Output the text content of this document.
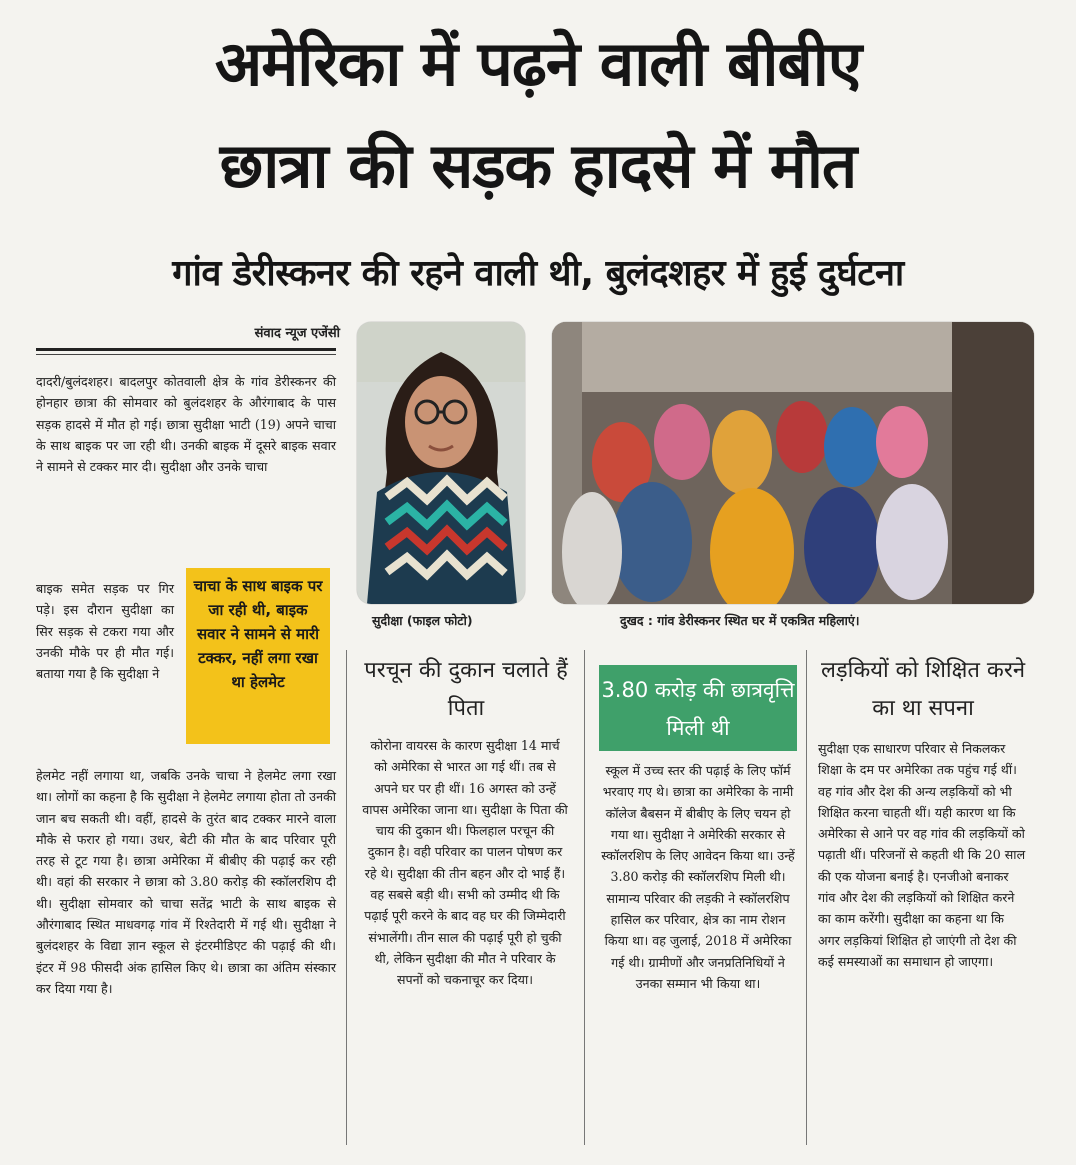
अमेरिका में पढ़ने वाली बीबीए
छात्रा की सड़क हादसे में मौत
गांव डेरीस्कनर की रहने वाली थी, बुलंदशहर में हुई दुर्घटना
संवाद न्यूज एजेंसी
दादरी/बुलंदशहर। बादलपुर कोतवाली क्षेत्र के गांव डेरीस्कनर की होनहार छात्रा की सोमवार को बुलंदशहर के औरंगाबाद के पास सड़क हादसे में मौत हो गई। छात्रा सुदीक्षा भाटी (19) अपने चाचा के साथ बाइक पर जा रही थी। उनकी बाइक में दूसरे बाइक सवार ने सामने से टक्कर मार दी। सुदीक्षा और उनके चाचा
बाइक समेत सड़क पर गिर पड़े। इस दौरान सुदीक्षा का सिर सड़क से टकरा गया और उनकी मौके पर ही मौत गई। बताया गया है कि सुदीक्षा ने
चाचा के साथ बाइक पर जा रही थी, बाइक सवार ने सामने से मारी टक्कर, नहीं लगा रखा था हेलमेट
हेलमेट नहीं लगाया था, जबकि उनके चाचा ने हेलमेट लगा रखा था। लोगों का कहना है कि सुदीक्षा ने हेलमेट लगाया होता तो उनकी जान बच सकती थी। वहीं, हादसे के तुरंत बाद टक्कर मारने वाला मौके से फरार हो गया। उधर, बेटी की मौत के बाद परिवार पूरी तरह से टूट गया है। छात्रा अमेरिका में बीबीए की पढ़ाई कर रही थी। वहां की सरकार ने छात्रा को 3.80 करोड़ की स्कॉलरशिप दी थी। सुदीक्षा सोमवार को चाचा सतेंद्र भाटी के साथ बाइक से औरंगाबाद स्थित माधवगढ़ गांव में रिश्तेदारी में गई थी। सुदीक्षा ने बुलंदशहर के विद्या ज्ञान स्कूल से इंटरमीडिएट की पढ़ाई की थी। इंटर में 98 फीसदी अंक हासिल किए थे। छात्रा का अंतिम संस्कार कर दिया गया है।
सुदीक्षा (फाइल फोटो)	दुखद : गांव डेरीस्कनर स्थित घर में एकत्रित महिलाएं।
परचून की दुकान चलाते हैं पिता
कोरोना वायरस के कारण सुदीक्षा 14 मार्च को अमेरिका से भारत आ गई थीं। तब से अपने घर पर ही थीं। 16 अगस्त को उन्हें वापस अमेरिका जाना था। सुदीक्षा के पिता की चाय की दुकान थी। फिलहाल परचून की दुकान है। वही परिवार का पालन पोषण कर रहे थे। सुदीक्षा की तीन बहन और दो भाई हैं। वह सबसे बड़ी थी। सभी को उम्मीद थी कि पढ़ाई पूरी करने के बाद वह घर की जिम्मेदारी संभालेंगी। तीन साल की पढ़ाई पूरी हो चुकी थी, लेकिन सुदीक्षा की मौत ने परिवार के सपनों को चकनाचूर कर दिया।
3.80 करोड़ की छात्रवृत्ति मिली थी
स्कूल में उच्च स्तर की पढ़ाई के लिए फॉर्म भरवाए गए थे। छात्रा का अमेरिका के नामी कॉलेज बैबसन में बीबीए के लिए चयन हो गया था। सुदीक्षा ने अमेरिकी सरकार से स्कॉलरशिप के लिए आवेदन किया था। उन्हें 3.80 करोड़ की स्कॉलरशिप मिली थी। सामान्य परिवार की लड़की ने स्कॉलरशिप हासिल कर परिवार, क्षेत्र का नाम रोशन किया था। वह जुलाई, 2018 में अमेरिका गई थी। ग्रामीणों और जनप्रतिनिधियों ने उनका सम्मान भी किया था।
लड़कियों को शिक्षित करने का था सपना
सुदीक्षा एक साधारण परिवार से निकलकर शिक्षा के दम पर अमेरिका तक पहुंच गई थीं। वह गांव और देश की अन्य लड़कियों को भी शिक्षित करना चाहती थीं। यही कारण था कि अमेरिका से आने पर वह गांव की लड़कियों को पढ़ाती थीं। परिजनों से कहती थी कि 20 साल की एक योजना बनाई है। एनजीओ बनाकर गांव और देश की लड़कियों को शिक्षित करने का काम करेंगी। सुदीक्षा का कहना था कि अगर लड़कियां शिक्षित हो जाएंगी तो देश की कई समस्याओं का समाधान हो जाएगा।
